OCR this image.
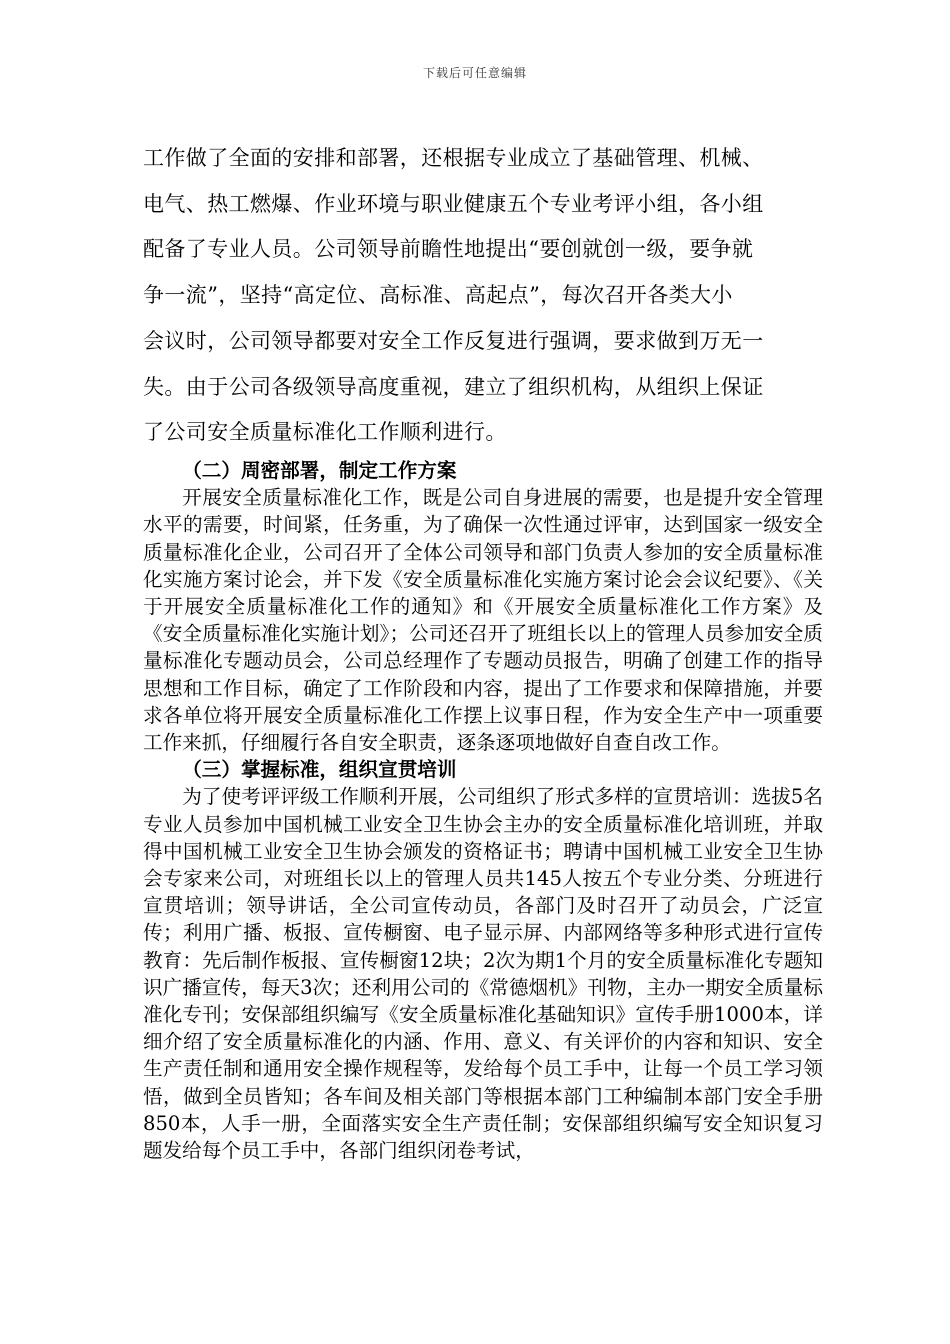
下载后可任意编辑
工作做了全面的安排和部署，还根据专业成立了基础管理、机械、
电气、热工燃爆、作业环境与职业健康五个专业考评小组，各小组
配备了专业人员。公司领导前瞻性地提出“要创就创一级，要争就
争一流”，坚持“高定位、高标准、高起点”，每次召开各类大小
会议时，公司领导都要对安全工作反复进行强调，要求做到万无一
失。由于公司各级领导高度重视，建立了组织机构，从组织上保证
了公司安全质量标准化工作顺利进行。
（二）周密部署，制定工作方案
开展安全质量标准化工作，既是公司自身进展的需要，也是提升安全管理水平的需要，时间紧，任务重，为了确保一次性通过评审，达到国家一级安全质量标准化企业，公司召开了全体公司领导和部门负责人参加的安全质量标准化实施方案讨论会，并下发《安全质量标准化实施方案讨论会会议纪要》、《关于开展安全质量标准化工作的通知》和《开展安全质量标准化工作方案》及《安全质量标准化实施计划》；公司还召开了班组长以上的管理人员参加安全质量标准化专题动员会，公司总经理作了专题动员报告，明确了创建工作的指导思想和工作目标，确定了工作阶段和内容，提出了工作要求和保障措施，并要求各单位将开展安全质量标准化工作摆上议事日程，作为安全生产中一项重要工作来抓，仔细履行各自安全职责，逐条逐项地做好自查自改工作。
（三）掌握标准，组织宣贯培训
为了使考评评级工作顺利开展，公司组织了形式多样的宣贯培训：选拔5名专业人员参加中国机械工业安全卫生协会主办的安全质量标准化培训班，并取得中国机械工业安全卫生协会颁发的资格证书；聘请中国机械工业安全卫生协会专家来公司，对班组长以上的管理人员共145人按五个专业分类、分班进行宣贯培训；领导讲话，全公司宣传动员，各部门及时召开了动员会，广泛宣传；利用广播、板报、宣传橱窗、电子显示屏、内部网络等多种形式进行宣传教育：先后制作板报、宣传橱窗12块；2次为期1个月的安全质量标准化专题知识广播宣传，每天3次；还利用公司的《常德烟机》刊物，主办一期安全质量标准化专刊；安保部组织编写《安全质量标准化基础知识》宣传手册1000本，详细介绍了安全质量标准化的内涵、作用、意义、有关评价的内容和知识、安全生产责任制和通用安全操作规程等，发给每个员工手中，让每一个员工学习领悟，做到全员皆知；各车间及相关部门等根据本部门工种编制本部门安全手册850本，人手一册，全面落实安全生产责任制；安保部组织编写安全知识复习题发给每个员工手中，各部门组织闭卷考试，
